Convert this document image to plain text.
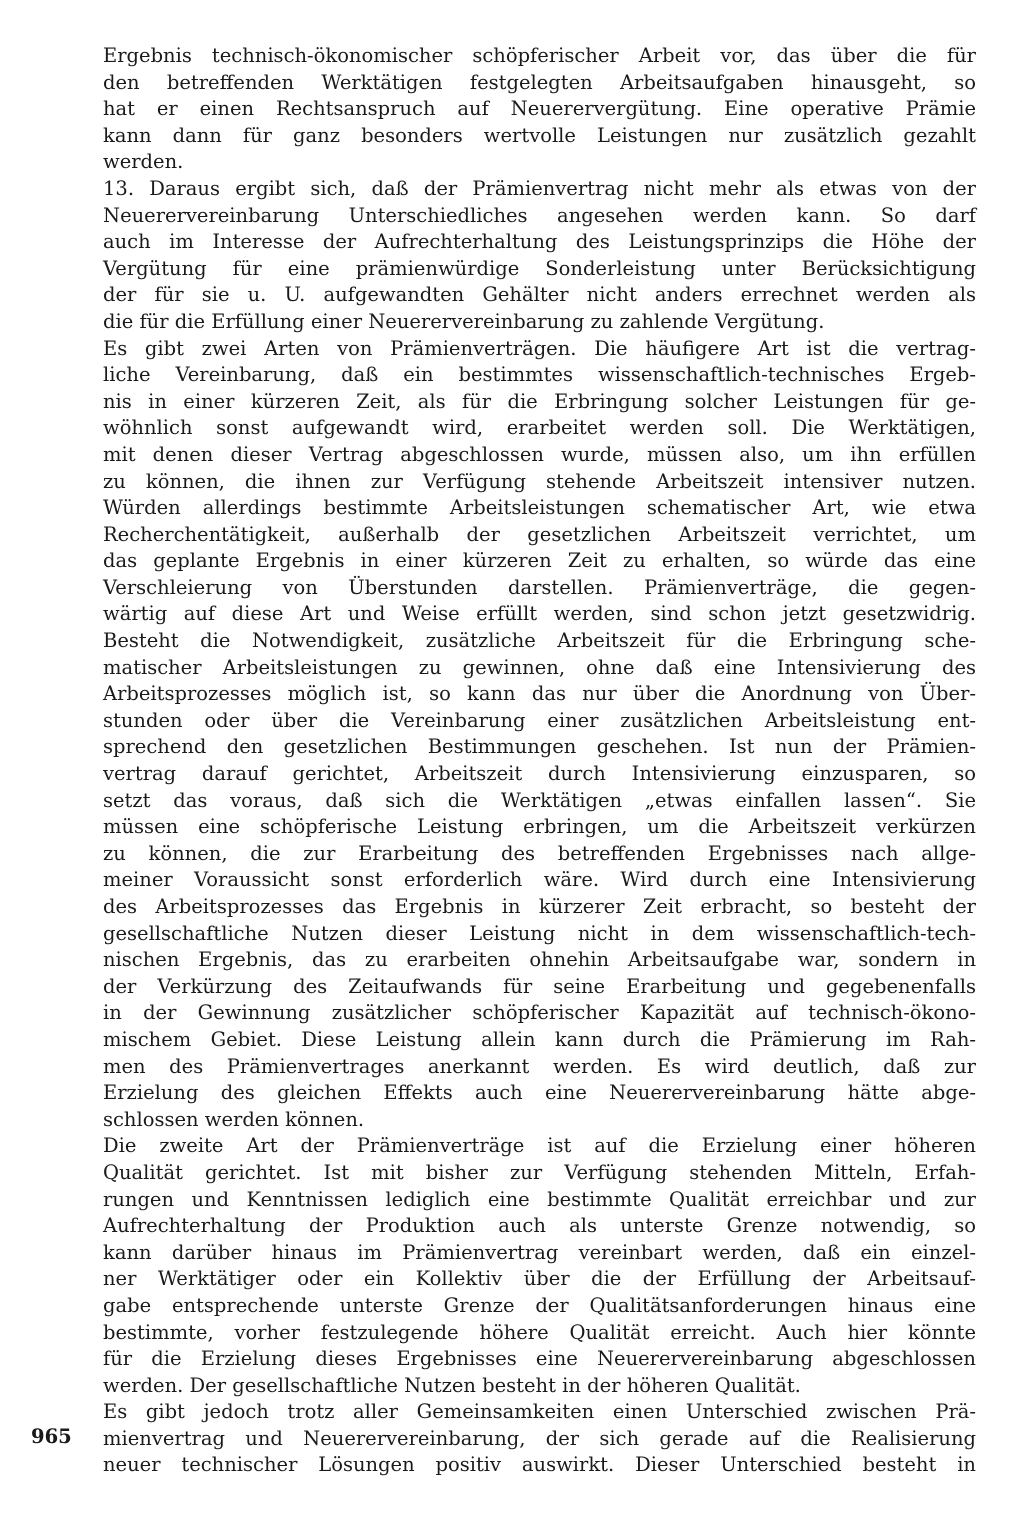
Ergebnis technisch-ökonomischer schöpferischer Arbeit vor, das über die für
den betreffenden Werktätigen festgelegten Arbeitsaufgaben hinausgeht, so
hat er einen Rechtsanspruch auf Neuerervergütung. Eine operative Prämie
kann dann für ganz besonders wertvolle Leistungen nur zusätzlich gezahlt
werden.
13. Daraus ergibt sich, daß der Prämienvertrag nicht mehr als etwas von der
Neuerervereinbarung Unterschiedliches angesehen werden kann. So darf
auch im Interesse der Aufrechterhaltung des Leistungsprinzips die Höhe der
Vergütung für eine prämienwürdige Sonderleistung unter Berücksichtigung
der für sie u. U. aufgewandten Gehälter nicht anders errechnet werden als
die für die Erfüllung einer Neuerervereinbarung zu zahlende Vergütung.
Es gibt zwei Arten von Prämienverträgen. Die häufigere Art ist die vertrag-
liche Vereinbarung, daß ein bestimmtes wissenschaftlich-technisches Ergeb-
nis in einer kürzeren Zeit, als für die Erbringung solcher Leistungen für ge-
wöhnlich sonst aufgewandt wird, erarbeitet werden soll. Die Werktätigen,
mit denen dieser Vertrag abgeschlossen wurde, müssen also, um ihn erfüllen
zu können, die ihnen zur Verfügung stehende Arbeitszeit intensiver nutzen.
Würden allerdings bestimmte Arbeitsleistungen schematischer Art, wie etwa
Recherchentätigkeit, außerhalb der gesetzlichen Arbeitszeit verrichtet, um
das geplante Ergebnis in einer kürzeren Zeit zu erhalten, so würde das eine
Verschleierung von Überstunden darstellen. Prämienverträge, die gegen-
wärtig auf diese Art und Weise erfüllt werden, sind schon jetzt gesetzwidrig.
Besteht die Notwendigkeit, zusätzliche Arbeitszeit für die Erbringung sche-
matischer Arbeitsleistungen zu gewinnen, ohne daß eine Intensivierung des
Arbeitsprozesses möglich ist, so kann das nur über die Anordnung von Über-
stunden oder über die Vereinbarung einer zusätzlichen Arbeitsleistung ent-
sprechend den gesetzlichen Bestimmungen geschehen. Ist nun der Prämien-
vertrag darauf gerichtet, Arbeitszeit durch Intensivierung einzusparen, so
setzt das voraus, daß sich die Werktätigen „etwas einfallen lassen“. Sie
müssen eine schöpferische Leistung erbringen, um die Arbeitszeit verkürzen
zu können, die zur Erarbeitung des betreffenden Ergebnisses nach allge-
meiner Voraussicht sonst erforderlich wäre. Wird durch eine Intensivierung
des Arbeitsprozesses das Ergebnis in kürzerer Zeit erbracht, so besteht der
gesellschaftliche Nutzen dieser Leistung nicht in dem wissenschaftlich-tech-
nischen Ergebnis, das zu erarbeiten ohnehin Arbeitsaufgabe war, sondern in
der Verkürzung des Zeitaufwands für seine Erarbeitung und gegebenenfalls
in der Gewinnung zusätzlicher schöpferischer Kapazität auf technisch-ökono-
mischem Gebiet. Diese Leistung allein kann durch die Prämierung im Rah-
men des Prämienvertrages anerkannt werden. Es wird deutlich, daß zur
Erzielung des gleichen Effekts auch eine Neuerervereinbarung hätte abge-
schlossen werden können.
Die zweite Art der Prämienverträge ist auf die Erzielung einer höheren
Qualität gerichtet. Ist mit bisher zur Verfügung stehenden Mitteln, Erfah-
rungen und Kenntnissen lediglich eine bestimmte Qualität erreichbar und zur
Aufrechterhaltung der Produktion auch als unterste Grenze notwendig, so
kann darüber hinaus im Prämienvertrag vereinbart werden, daß ein einzel-
ner Werktätiger oder ein Kollektiv über die der Erfüllung der Arbeitsauf-
gabe entsprechende unterste Grenze der Qualitätsanforderungen hinaus eine
bestimmte, vorher festzulegende höhere Qualität erreicht. Auch hier könnte
für die Erzielung dieses Ergebnisses eine Neuerervereinbarung abgeschlossen
werden. Der gesellschaftliche Nutzen besteht in der höheren Qualität.
Es gibt jedoch trotz aller Gemeinsamkeiten einen Unterschied zwischen Prä-
mienvertrag und Neuerervereinbarung, der sich gerade auf die Realisierung
neuer technischer Lösungen positiv auswirkt. Dieser Unterschied besteht in
965
